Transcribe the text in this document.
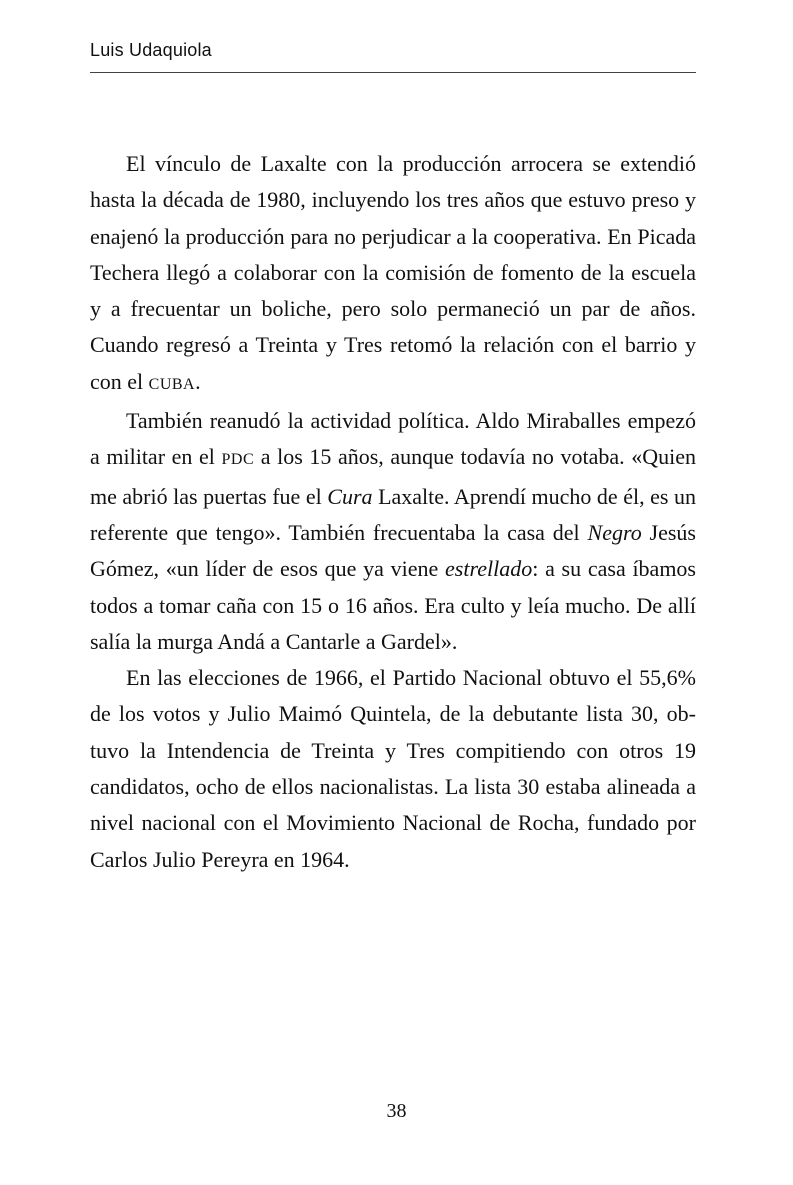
Luis Udaquiola

El vínculo de Laxalte con la producción arrocera se extendió hasta la década de 1980, incluyendo los tres años que estuvo preso y enajenó la producción para no perjudicar a la cooperativa. En Picada Techera llegó a colaborar con la comisión de fomento de la escuela y a frecuentar un boliche, pero solo permaneció un par de años. Cuando regresó a Treinta y Tres retomó la relación con el barrio y con el CUBA.

También reanudó la actividad política. Aldo Miraballes empezó a militar en el PDC a los 15 años, aunque todavía no votaba. «Quien me abrió las puertas fue el Cura Laxalte. Aprendí mucho de él, es un referente que tengo». También frecuentaba la casa del Negro Jesús Gómez, «un líder de esos que ya viene estrellado: a su casa íbamos todos a tomar caña con 15 o 16 años. Era culto y leía mucho. De allí salía la murga Andá a Cantarle a Gardel».

En las elecciones de 1966, el Partido Nacional obtuvo el 55,6% de los votos y Julio Maimó Quintela, de la debutante lista 30, obtuvo la Intendencia de Treinta y Tres compitiendo con otros 19 candidatos, ocho de ellos nacionalistas. La lista 30 estaba alineada a nivel nacional con el Movimiento Nacional de Rocha, fundado por Carlos Julio Pereyra en 1964.

38
